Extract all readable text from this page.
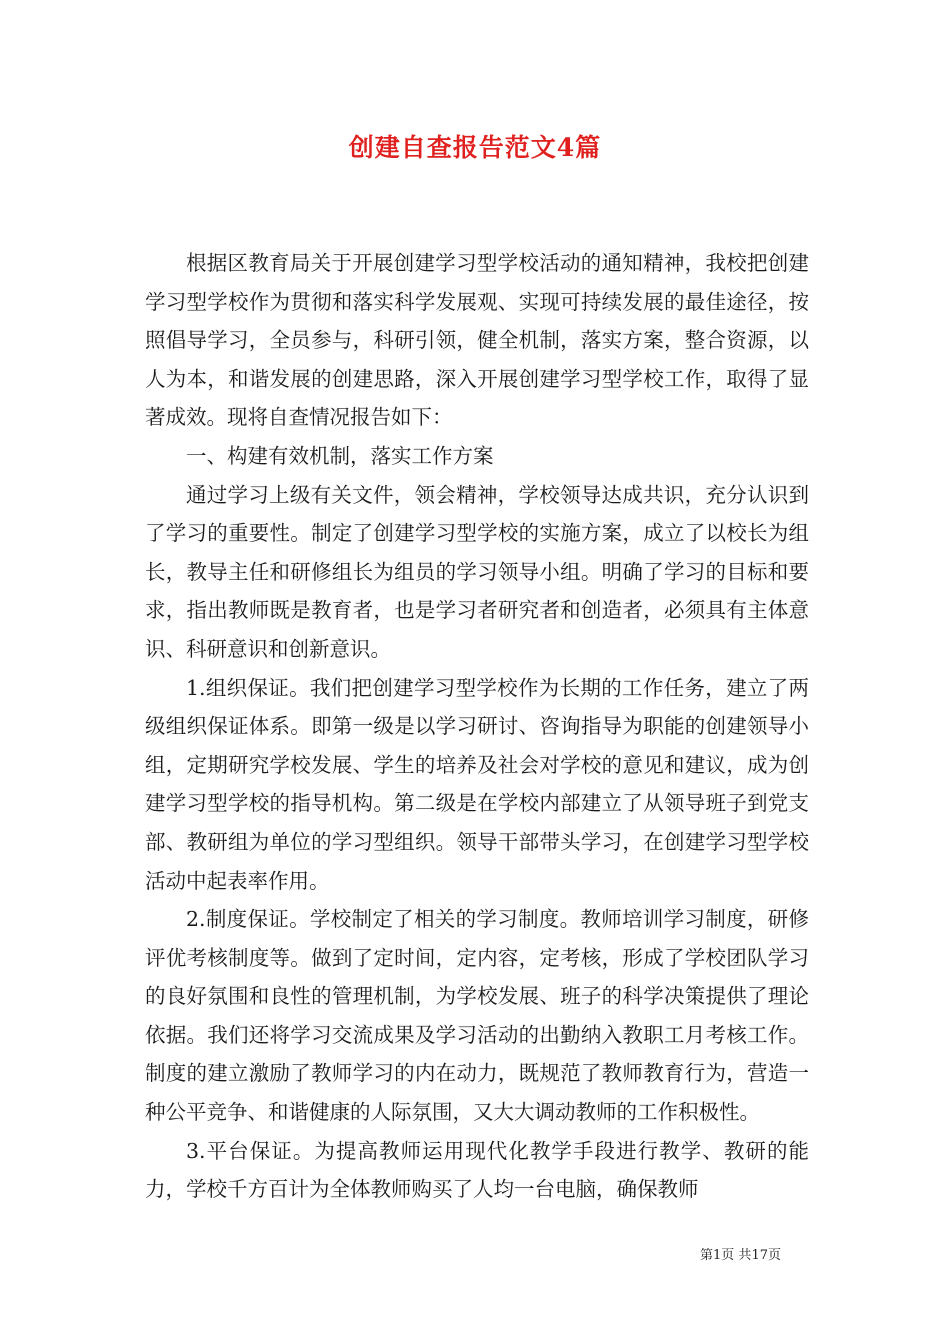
创建自查报告范文4篇

根据区教育局关于开展创建学习型学校活动的通知精神，我校把创建学习型学校作为贯彻和落实科学发展观、实现可持续发展的最佳途径，按照倡导学习，全员参与，科研引领，健全机制，落实方案，整合资源，以人为本，和谐发展的创建思路，深入开展创建学习型学校工作，取得了显著成效。现将自查情况报告如下：

一、构建有效机制，落实工作方案

通过学习上级有关文件，领会精神，学校领导达成共识，充分认识到了学习的重要性。制定了创建学习型学校的实施方案，成立了以校长为组长，教导主任和研修组长为组员的学习领导小组。明确了学习的目标和要求，指出教师既是教育者，也是学习者研究者和创造者，必须具有主体意识、科研意识和创新意识。

1.组织保证。我们把创建学习型学校作为长期的工作任务，建立了两级组织保证体系。即第一级是以学习研讨、咨询指导为职能的创建领导小组，定期研究学校发展、学生的培养及社会对学校的意见和建议，成为创建学习型学校的指导机构。第二级是在学校内部建立了从领导班子到党支部、教研组为单位的学习型组织。领导干部带头学习，在创建学习型学校活动中起表率作用。

2.制度保证。学校制定了相关的学习制度。教师培训学习制度，研修评优考核制度等。做到了定时间，定内容，定考核，形成了学校团队学习的良好氛围和良性的管理机制，为学校发展、班子的科学决策提供了理论依据。我们还将学习交流成果及学习活动的出勤纳入教职工月考核工作。制度的建立激励了教师学习的内在动力，既规范了教师教育行为，营造一种公平竞争、和谐健康的人际氛围，又大大调动教师的工作积极性。

3.平台保证。为提高教师运用现代化教学手段进行教学、教研的能力，学校千方百计为全体教师购买了人均一台电脑，确保教师

第1页 共17页
